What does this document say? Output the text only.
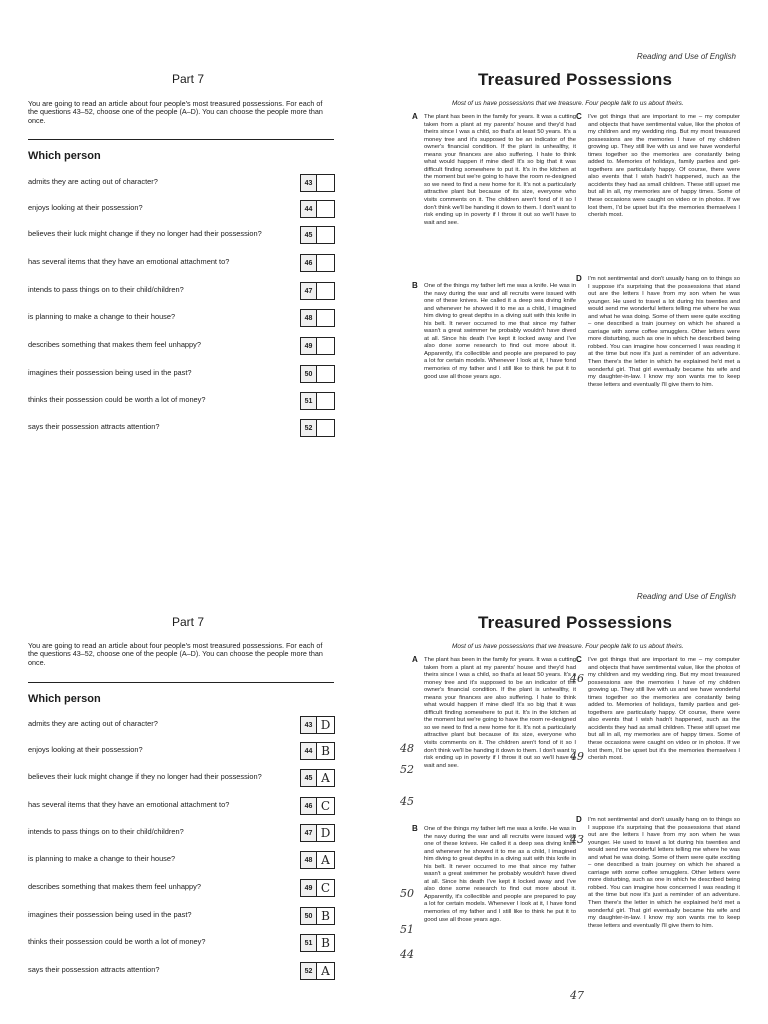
Reading and Use of English
Part 7
You are going to read an article about four people's most treasured possessions. For each of the questions 43–52, choose one of the people (A–D). You can choose the people more than once.
Which person
admits they are acting out of character?	43
enjoys looking at their possession?	44
believes their luck might change if they no longer had their possession?	45
has several items that they have an emotional attachment to?	46
intends to pass things on to their child/children?	47
is planning to make a change to their house?	48
describes something that makes them feel unhappy?	49
imagines their possession being used in the past?	50
thinks their possession could be worth a lot of money?	51
says their possession attracts attention?	52
Treasured Possessions
Most of us have possessions that we treasure. Four people talk to us about theirs.
A The plant has been in the family for years. It was a cutting taken from a plant at my parents' house and they'd had theirs since I was a child, so that's at least 50 years. It's a money tree and it's supposed to be an indicator of the owner's financial condition. If the plant is unhealthy, it means your finances are also suffering. I hate to think what would happen if mine died! It's so big that it was difficult finding somewhere to put it. It's in the kitchen at the moment but we're going to have the room re-designed so we need to find a new home for it. It's not a particularly attractive plant but because of its size, everyone who visits comments on it. The children aren't fond of it so I don't think we'll be handing it down to them. I don't want to risk ending up in poverty if I throw it out so we'll have to wait and see.
B One of the things my father left me was a knife. He was in the navy during the war and all recruits were issued with one of these knives. He called it a deep sea diving knife and whenever he showed it to me as a child, I imagined him diving to great depths in a diving suit with this knife in his belt. It never occurred to me that since my father wasn't a great swimmer he probably wouldn't have dived at all. Since his death I've kept it locked away and I've also done some research to find out more about it. Apparently, it's collectible and people are prepared to pay a lot for certain models. Whenever I look at it, I have fond memories of my father and I still like to think he put it to good use all those years ago.
C I've got things that are important to me – my computer and objects that have sentimental value, like the photos of my children and my wedding ring. But my most treasured possessions are the memories I have of my children growing up. They still live with us and we have wonderful times together so the memories are constantly being added to. Memories of holidays, family parties and get-togethers are particularly happy. Of course, there were also events that I wish hadn't happened, such as the accidents they had as small children. These still upset me but all in all, my memories are of happy times. Some of these occasions were caught on video or in photos. If we lost them, I'd be upset but it's the memories themselves I cherish most.
D I'm not sentimental and don't usually hang on to things so I suppose it's surprising that the possessions that stand out are the letters I have from my son when he was younger. He used to travel a lot during his twenties and would send me wonderful letters telling me where he was and what he was doing. Some of them were quite exciting – one described a train journey on which he shared a carriage with some coffee smugglers. Other letters were more disturbing, such as one in which he described being robbed. You can imagine how concerned I was reading it at the time but now it's just a reminder of an adventure. Then there's the letter in which he explained he'd met a wonderful girl. That girl eventually became his wife and my daughter-in-law. I know my son wants me to keep these letters and eventually I'll give them to him.
Reading and Use of English
Part 7
You are going to read an article about four people's most treasured possessions. For each of the questions 43–52, choose one of the people (A–D). You can choose the people more than once.
Which person
admits they are acting out of character?	43 D
enjoys looking at their possession?	44 B
believes their luck might change if they no longer had their possession?	45 A
has several items that they have an emotional attachment to?	46 C
intends to pass things on to their child/children?	47 D
is planning to make a change to their house?	48 A
describes something that makes them feel unhappy?	49 C
imagines their possession being used in the past?	50 B
thinks their possession could be worth a lot of money?	51 B
says their possession attracts attention?	52 A
Treasured Possessions
Most of us have possessions that we treasure. Four people talk to us about theirs.
A The plant has been in the family for years. It was a cutting taken from a plant at my parents' house and they'd had theirs since I was a child, so that's at least 50 years. It's a money tree and it's supposed to be an indicator of the owner's financial condition. If the plant is unhealthy, it means your finances are also suffering. I hate to think what would happen if mine died! It's so big that it was difficult finding somewhere to put it. It's in the kitchen at the moment but we're going to have the room re-designed so we need to find a new home for it. It's not a particularly attractive plant but because of its size, everyone who visits comments on it. The children aren't fond of it so I don't think we'll be handing it down to them. I don't want to risk ending up in poverty if I throw it out so we'll have to wait and see.
B One of the things my father left me was a knife. He was in the navy during the war and all recruits were issued with one of these knives. He called it a deep sea diving knife and whenever he showed it to me as a child, I imagined him diving to great depths in a diving suit with this knife in his belt. It never occurred to me that since my father wasn't a great swimmer he probably wouldn't have dived at all. Since his death I've kept it locked away and I've also done some research to find out more about it. Apparently, it's collectible and people are prepared to pay a lot for certain models. Whenever I look at it, I have fond memories of my father and I still like to think he put it to good use all those years ago.
C I've got things that are important to me – my computer and objects that have sentimental value, like the photos of my children and my wedding ring. But my most treasured possessions are the memories I have of my children growing up. They still live with us and we have wonderful times together so the memories are constantly being added to. Memories of holidays, family parties and get-togethers are particularly happy. Of course, there were also events that I wish hadn't happened, such as the accidents they had as small children. These still upset me but all in all, my memories are of happy times. Some of these occasions were caught on video or in photos. If we lost them, I'd be upset but it's the memories themselves I cherish most.
D I'm not sentimental and don't usually hang on to things so I suppose it's surprising that the possessions that stand out are the letters I have from my son when he was younger. He used to travel a lot during his twenties and would send me wonderful letters telling me where he was and what he was doing. Some of them were quite exciting – one described a train journey on which he shared a carriage with some coffee smugglers. Other letters were more disturbing, such as one in which he described being robbed. You can imagine how concerned I was reading it at the time but now it's just a reminder of an adventure. Then there's the letter in which he explained he'd met a wonderful girl. That girl eventually became his wife and my daughter-in-law. I know my son wants me to keep these letters and eventually I'll give them to him.
48
52
45
50
51
44
46
49
43
47
